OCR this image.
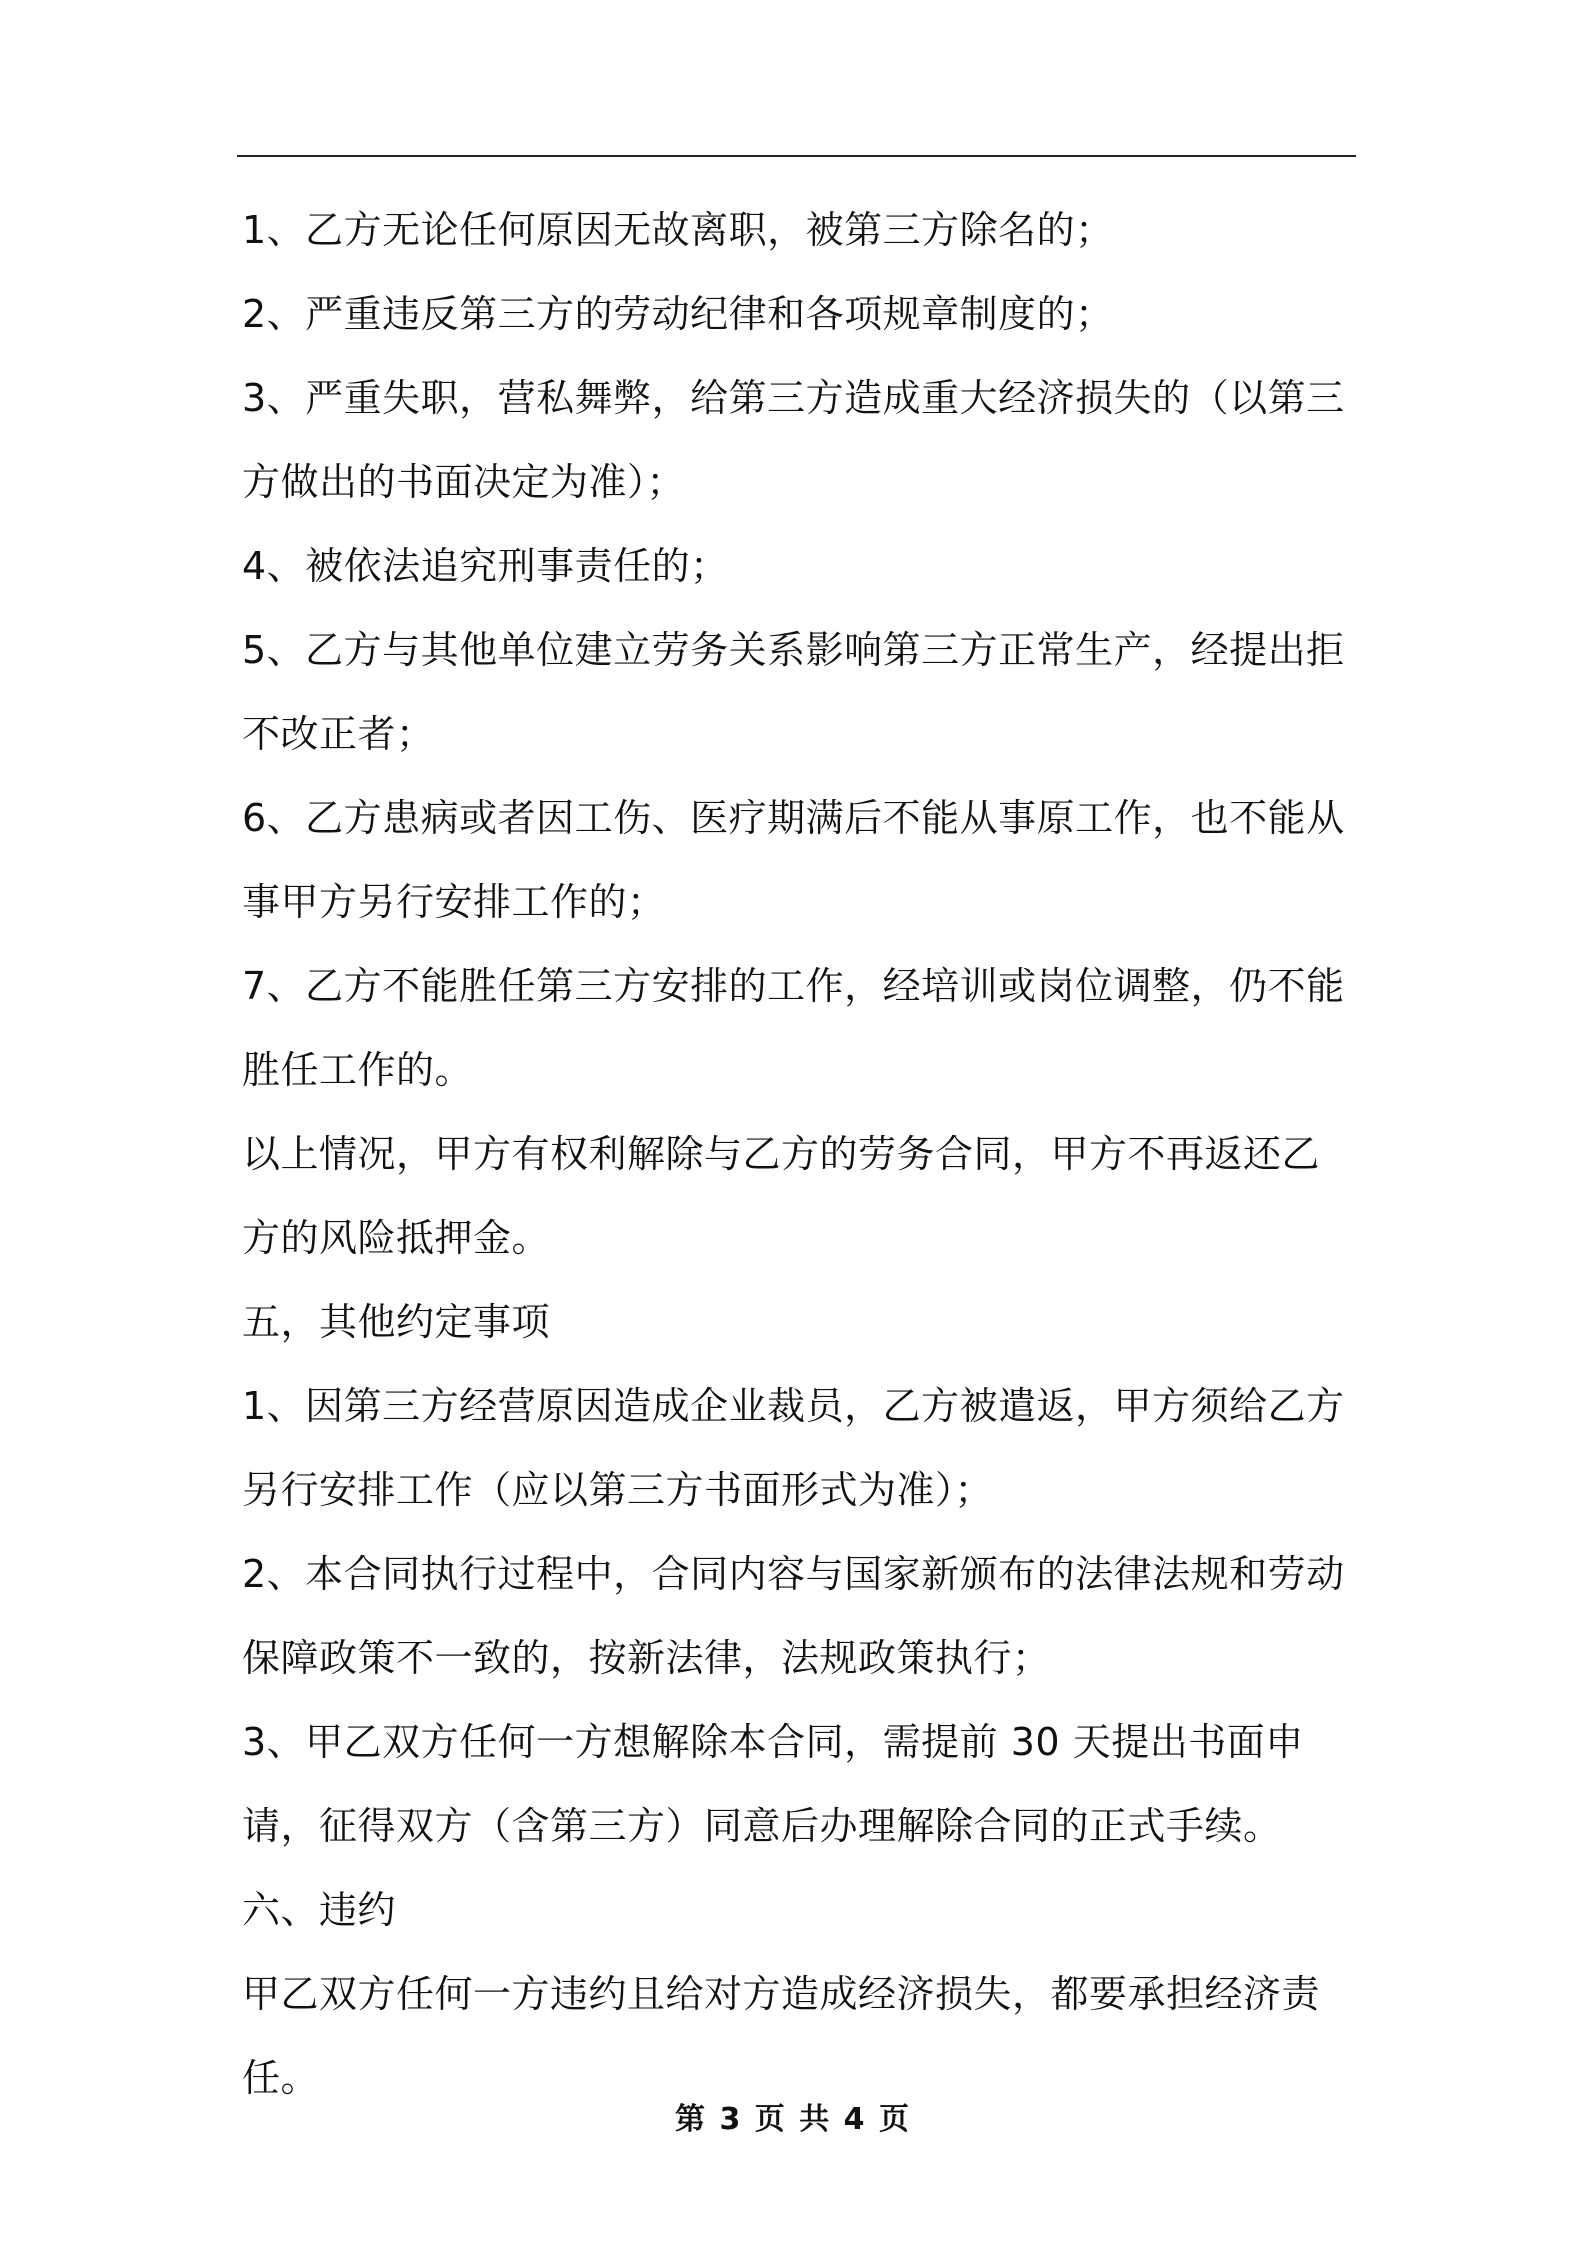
1、乙方无论任何原因无故离职，被第三方除名的；

2、严重违反第三方的劳动纪律和各项规章制度的；

3、严重失职，营私舞弊，给第三方造成重大经济损失的（以第三方做出的书面决定为准）；

4、被依法追究刑事责任的；

5、乙方与其他单位建立劳务关系影响第三方正常生产，经提出拒不改正者；

6、乙方患病或者因工伤、医疗期满后不能从事原工作，也不能从事甲方另行安排工作的；

7、乙方不能胜任第三方安排的工作，经培训或岗位调整，仍不能胜任工作的。

以上情况，甲方有权利解除与乙方的劳务合同，甲方不再返还乙方的风险抵押金。

五，其他约定事项

1、因第三方经营原因造成企业裁员，乙方被遣返，甲方须给乙方另行安排工作（应以第三方书面形式为准）；

2、本合同执行过程中，合同内容与国家新颁布的法律法规和劳动保障政策不一致的，按新法律，法规政策执行；

3、甲乙双方任何一方想解除本合同，需提前 30 天提出书面申请，征得双方（含第三方）同意后办理解除合同的正式手续。

六、违约

甲乙双方任何一方违约且给对方造成经济损失，都要承担经济责任。

第 3 页 共 4 页
